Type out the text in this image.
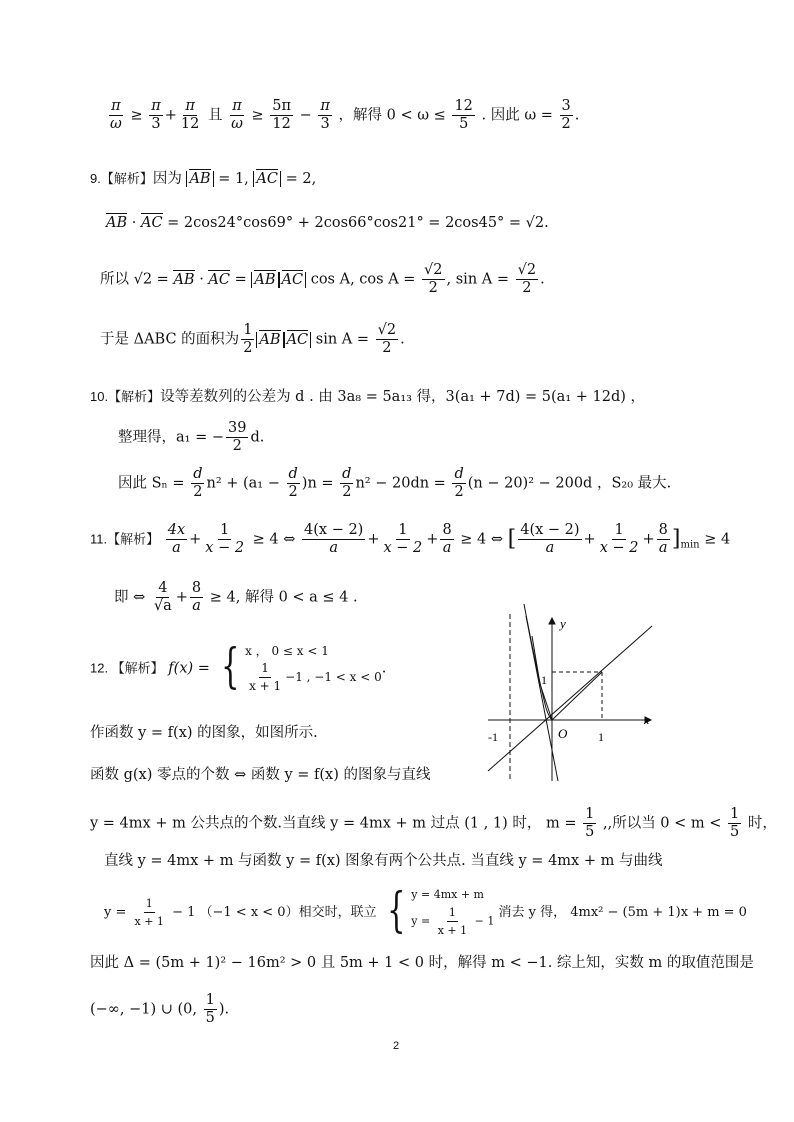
$\frac{\pi}{\omega} \ge \frac{\pi}{3} + \frac{\pi}{12}$ 且 $\frac{\pi}{\omega} \ge \frac{5\pi}{12} - \frac{\pi}{3}$ ，解得 $0 < \omega \le \frac{12}{5}$ . 因此 $\omega = \frac{3}{2}$ .
9.【解析】因为 AB = 1, AC = 2,
AB · AC = 2cos24°cos69° + 2cos66°cos21° = 2cos45° = √2.
所以 √2 = AB · AC = AB AC cos A, $\cos A = \frac{√2}{2}$ , $\sin A = \frac{√2}{2}$ .
于是 ΔABC 的面积为 $\frac{1}{2}$ AB AC $\sin A = \frac{√2}{2}$ .
10.【解析】设等差数列的公差为 d . 由 3a₈ = 5a₁₃ 得，3(a₁ + 7d) = 5(a₁ + 12d) ，
整理得，a₁ = − $\frac{39}{2} d$.
因此 $S_n = \frac{d}{2} n^2 + (a_1 - \frac{d}{2} )n = \frac{d}{2} n^2 - 20dn = \frac{d}{2} (n - 20)^2 - 200d$ ，S₂₀ 最大.
11.【解析】 $\frac{4x}{a} + \frac{1}{x - 2} \ge 4$ ⇔ $\frac{4(x - 2)}{a} + \frac{1}{x - 2} + \frac{8}{a} \ge 4$ ⇔ [ $\frac{4(x - 2)}{a} + \frac{1}{x - 2} + \frac{8}{a} ]_{min} \ge 4$
即 ⇔ $\frac{4}{√a} + \frac{8}{a} \ge 4$, 解得 0 < a ≤ 4 .
12. 【解析】 f(x) = { x ， 0 ≤ x < 1
$\frac{1}{x + 1} -1$ , −1 < x < 0
.
作函数 y = f(x) 的图象，如图所示.
函数 g(x) 零点的个数 ⇔ 函数 y = f(x) 的图象与直线
y = 4mx + m 公共点的个数.当直线 y = 4mx + m 过点 (1 , 1) 时， $m = \frac{1}{5}$ ,,所以当 $0 < m < \frac{1}{5}$ 时，
直线 y = 4mx + m 与函数 y = f(x) 图象有两个公共点. 当直线 y = 4mx + m 与曲线
$y = \frac{1}{x + 1} - 1$ （−1 < x < 0）相交时，联立 { y = 4mx + m
$y = \frac{1}{x + 1} - 1$
消去 y 得， 4mx² − (5m + 1)x + m = 0
因此 Δ = (5m + 1)² − 16m² > 0 且 5m + 1 < 0 时，解得 m < −1. 综上知，实数 m 的取值范围是
(−∞, −1) ∪ (0, $\frac{1}{5}$ ).
y
x
O	1
1
-1
2
